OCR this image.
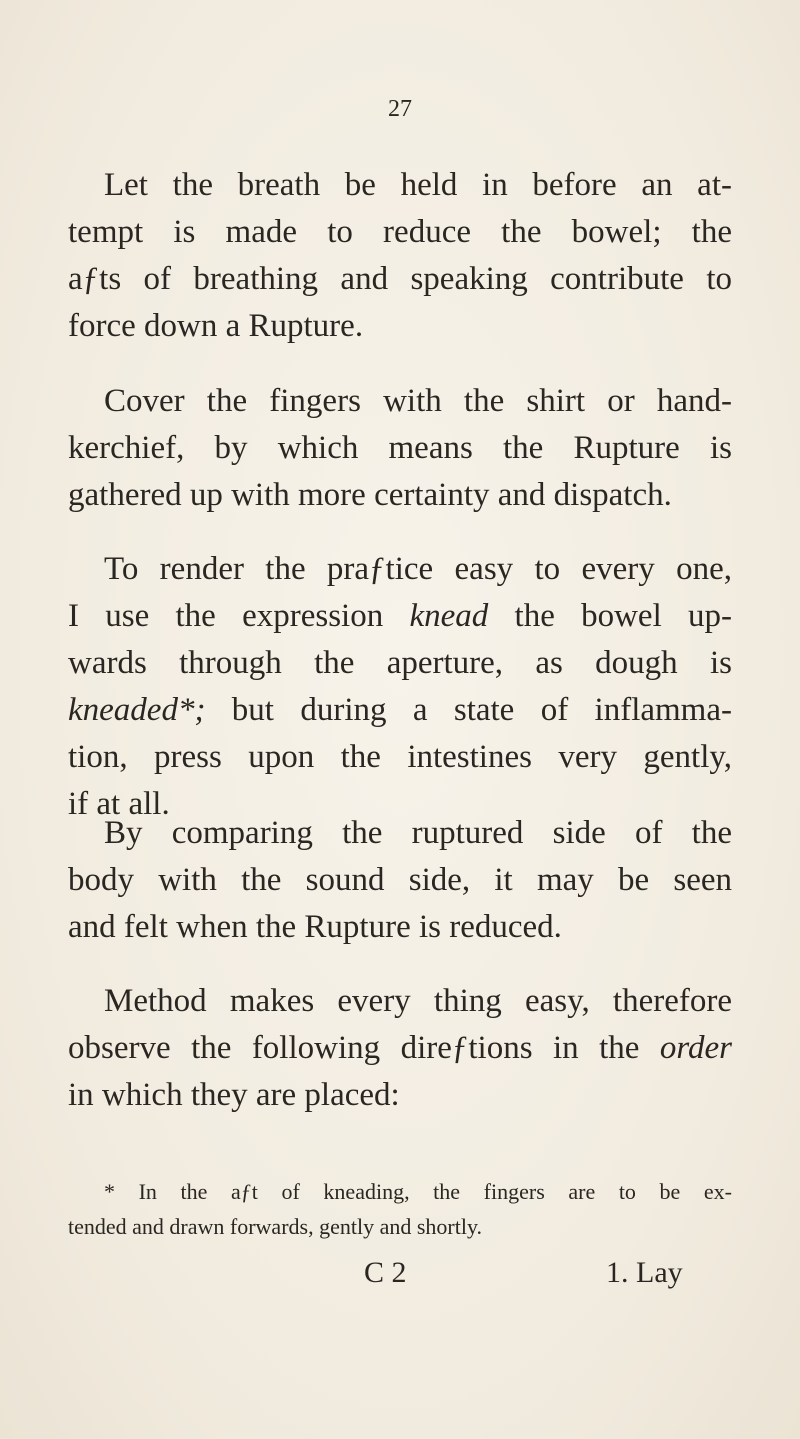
27
Let the breath be held in before an at-
tempt is made to reduce the bowel; the
aƒts of breathing and speaking contribute to
force down a Rupture.
Cover the fingers with the shirt or hand-
kerchief, by which means the Rupture is
gathered up with more certainty and dispatch.
To render the praƒtice easy to every one,
I use the expression knead the bowel up-
wards through the aperture, as dough is
kneaded*; but during a state of inflamma-
tion, press upon the intestines very gently,
if at all.
By comparing the ruptured side of the
body with the sound side, it may be seen
and felt when the Rupture is reduced.
Method makes every thing easy, therefore
observe the following direƒtions in the order
in which they are placed:
* In the aƒt of kneading, the fingers are to be ex-
tended and drawn forwards, gently and shortly.
C 2	1. Lay
